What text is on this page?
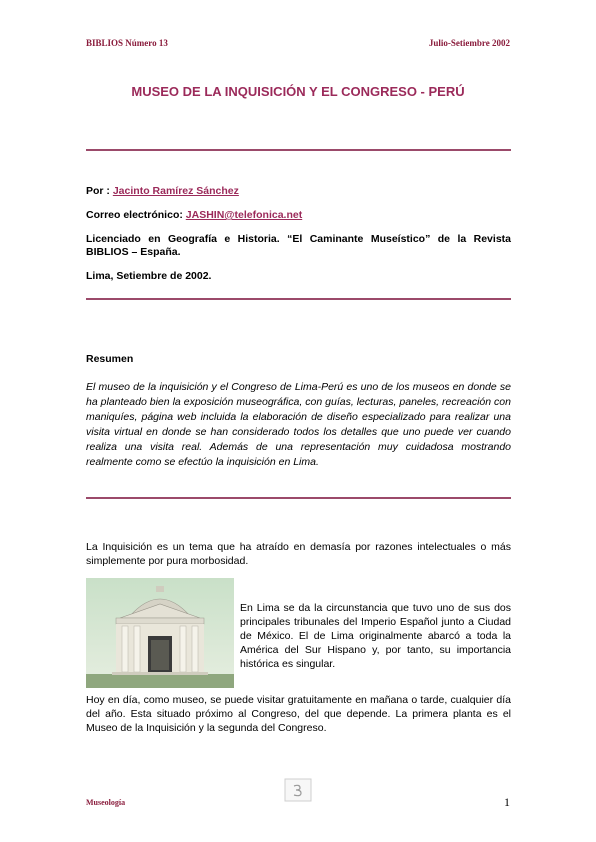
BIBLIOS Número 13	Julio-Setiembre 2002
MUSEO DE LA INQUISICIÓN Y EL CONGRESO - PERÚ
Por : Jacinto Ramírez Sánchez
Correo electrónico: JASHIN@telefonica.net
Licenciado en Geografía e Historia. “El Caminante Museístico” de la Revista BIBLIOS – España.
Lima, Setiembre de 2002.
Resumen
El museo de la inquisición y el Congreso de Lima-Perú es uno de los museos en donde se ha planteado bien la exposición museográfica, con guías, lecturas, paneles, recreación con maniquíes, página web incluida la elaboración de diseño especializado para realizar una visita virtual en donde se han considerado todos los detalles que uno puede ver cuando realiza una visita real. Además de una representación muy cuidadosa mostrando realmente como se efectúo la inquisición en Lima.
La Inquisición es un tema que ha atraído en demasía por razones intelectuales o más simplemente por pura morbosidad.
En Lima se da la circunstancia que tuvo uno de sus dos principales tribunales del Imperio Español junto a Ciudad de México. El de Lima originalmente abarcó a toda la América del Sur Hispano y, por tanto, su importancia histórica es singular.
Hoy en día, como museo, se puede visitar gratuitamente en mañana o tarde, cualquier día del año. Esta situado próximo al Congreso, del que depende. La primera planta es el Museo de la Inquisición y la segunda del Congreso.
Museología	1
